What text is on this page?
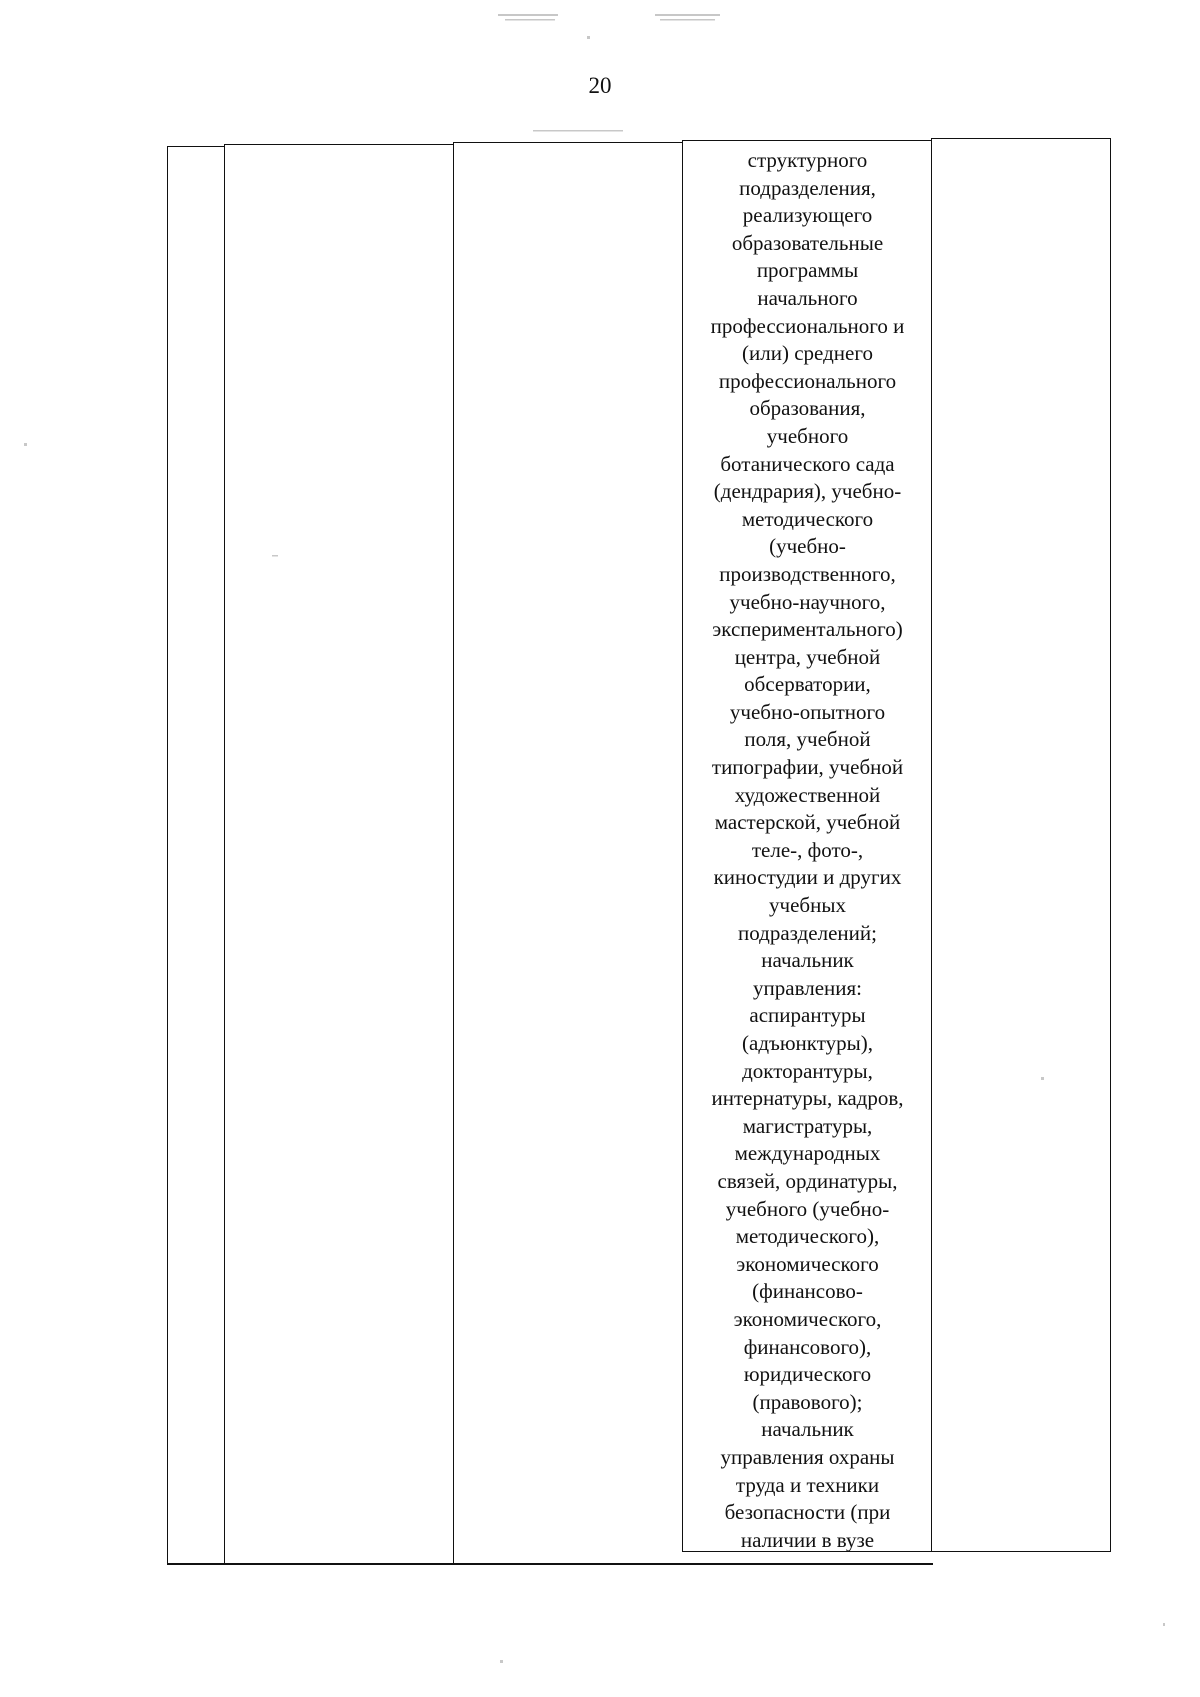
20
структурного
подразделения,
реализующего
образовательные
программы
начального
профессионального и
(или) среднего
профессионального
образования,
учебного
ботанического сада
(дендрария), учебно-
методического
(учебно-
производственного,
учебно-научного,
экспериментального)
центра, учебной
обсерватории,
учебно-опытного
поля, учебной
типографии, учебной
художественной
мастерской, учебной
теле-, фото-,
киностудии и других
учебных
подразделений;
начальник
управления:
аспирантуры
(адъюнктуры),
докторантуры,
интернатуры, кадров,
магистратуры,
международных
связей, ординатуры,
учебного (учебно-
методического),
экономического
(финансово-
экономического,
финансового),
юридического
(правового);
начальник
управления охраны
труда и техники
безопасности (при
наличии в вузе
